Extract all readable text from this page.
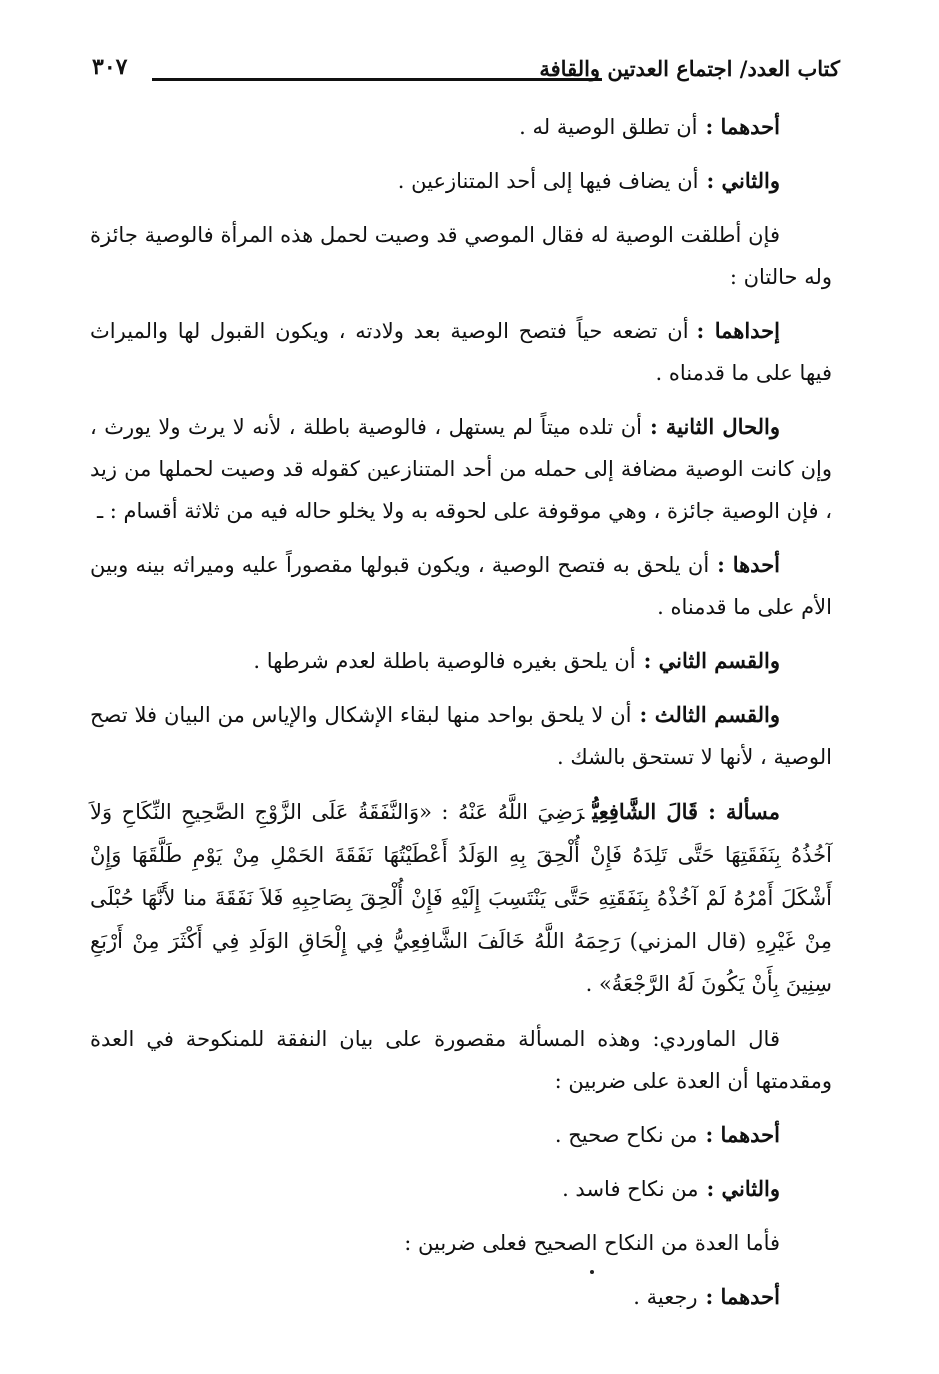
كتاب العدد/ اجتماع العدتين والقافة
٣٠٧

أحدهما :أن تطلق الوصية له .

والثاني :أن يضاف فيها إلى أحد المتنازعين .

فإن أطلقت الوصية له فقال الموصي قد وصيت لحمل هذه المرأة فالوصية جائزة وله حالتان :

إحداهما :أن تضعه حياً فتصح الوصية بعد ولادته ، ويكون القبول لها والميراث فيها على ما قدمناه .

والحال الثانية :أن تلده ميتاً لم يستهل ، فالوصية باطلة ، لأنه لا يرث ولا يورث ، وإن كانت الوصية مضافة إلى حمله من أحد المتنازعين كقوله قد وصيت لحملها من زيد ، فإن الوصية جائزة ، وهي موقوفة على لحوقه به ولا يخلو حاله فيه من ثلاثة أقسام : ـ

أحدها :أن يلحق به فتصح الوصية ، ويكون قبولها مقصوراً عليه وميراثه بينه وبين الأم على ما قدمناه .

والقسم الثاني :أن يلحق بغيره فالوصية باطلة لعدم شرطها .

والقسم الثالث :أن لا يلحق بواحد منها لبقاء الإشكال والإياس من البيان فلا تصح الوصية ، لأنها لا تستحق بالشك .

مسألة : قَالَ الشَّافِعِيُّرَضِيَ اللَّهُ عَنْهُ : «وَالنَّفَقَةُ عَلَى الزَّوْجِ الصَّحِيحِ النِّكَاحِ وَلاَ آخُذُهُ بِنَفَقَتِهَا حَتَّى تَلِدَهُ فَإِنْ أُلْحِقَ بِهِ الوَلَدُ أَعْطَيْتُهَا نَفَقَةَ الحَمْلِ مِنْ يَوْمِ طَلَّقَهَا وَإِنْ أَشْكَلَ أَمْرُهُ لَمْ آخُذْهُ بِنَفَقَتِهِ حَتَّى يَنْتَسِبَ إِلَيْهِ فَإِنْ أُلْحِقَ بِصَاحِبِهِ فَلاَ نَفَقَةَ منا لأَنَّهَا حُبْلَى مِنْ غَيْرِهِ (قال المزني) رَحِمَهُ اللَّهُ خَالَفَ الشَّافِعِيُّ فِي إِلْحَاقِ الوَلَدِ فِي أَكْثَرَ مِنْ أَرْبَعِ سِنِينَ بِأَنْ يَكُونَ لَهُ الرَّجْعَةُ» .

قال الماوردي: وهذه المسألة مقصورة على بيان النفقة للمنكوحة في العدة ومقدمتها أن العدة على ضربين :

أحدهما :من نكاح صحيح .

والثاني :من نكاح فاسد .

فأما العدة من النكاح الصحيح فعلى ضربين :

أحدهما :رجعية .
